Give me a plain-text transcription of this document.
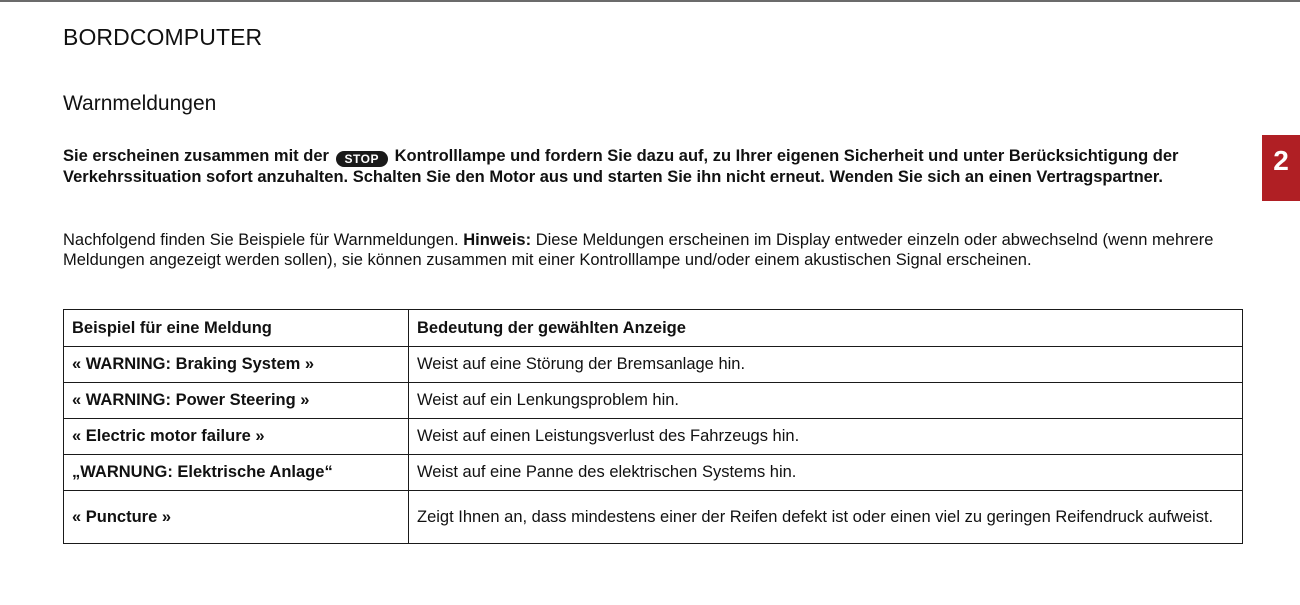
BORDCOMPUTER
Warnmeldungen
2

Sie erscheinen zusammen mit der STOP Kontrolllampe und fordern Sie dazu auf, zu Ihrer eigenen Sicherheit und unter Berücksichtigung der Verkehrssituation sofort anzuhalten. Schalten Sie den Motor aus und starten Sie ihn nicht erneut. Wenden Sie sich an einen Vertragspartner.

Nachfolgend finden Sie Beispiele für Warnmeldungen. Hinweis: Diese Meldungen erscheinen im Display entweder einzeln oder abwechselnd (wenn mehrere Meldungen angezeigt werden sollen), sie können zusammen mit einer Kontrolllampe und/oder einem akustischen Signal erscheinen.

Beispiel für eine Meldung	Bedeutung der gewählten Anzeige
« WARNING: Braking System »	Weist auf eine Störung der Bremsanlage hin.
« WARNING: Power Steering »	Weist auf ein Lenkungsproblem hin.
« Electric motor failure »	Weist auf einen Leistungsverlust des Fahrzeugs hin.
„WARNUNG: Elektrische Anlage“	Weist auf eine Panne des elektrischen Systems hin.
« Puncture »	Zeigt Ihnen an, dass mindestens einer der Reifen defekt ist oder einen viel zu geringen Reifendruck aufweist.
